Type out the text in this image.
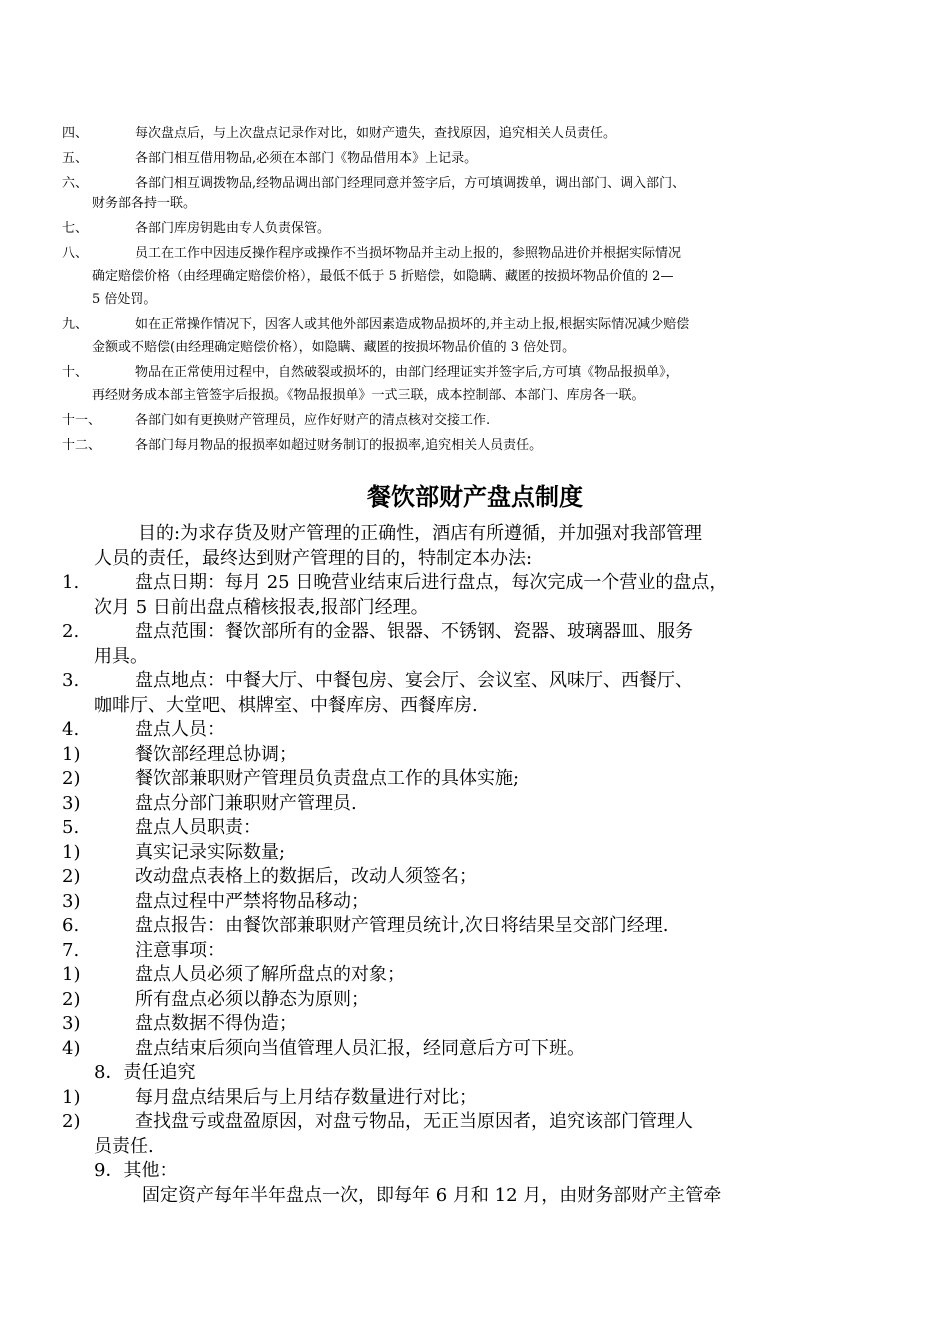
四、	每次盘点后，与上次盘点记录作对比，如财产遗失，查找原因，追究相关人员责任。
五、	各部门相互借用物品,必须在本部门《物品借用本》上记录。
六、	各部门相互调拨物品,经物品调出部门经理同意并签字后，方可填调拨单，调出部门、调入部门、
财务部各持一联。
七、	各部门库房钥匙由专人负责保管。
八、	员工在工作中因违反操作程序或操作不当损坏物品并主动上报的，参照物品进价并根据实际情况
确定赔偿价格（由经理确定赔偿价格），最低不低于 5 折赔偿，如隐瞒、藏匿的按损坏物品价值的 2—
5 倍处罚。
九、	如在正常操作情况下，因客人或其他外部因素造成物品损坏的,并主动上报,根据实际情况减少赔偿
金额或不赔偿(由经理确定赔偿价格），如隐瞒、藏匿的按损坏物品价值的 3 倍处罚。
十、	物品在正常使用过程中，自然破裂或损坏的，由部门经理证实并签字后,方可填《物品报损单》，
再经财务成本部主管签字后报损。《物品报损单》一式三联，成本控制部、本部门、库房各一联。
十一、	各部门如有更换财产管理员，应作好财产的清点核对交接工作.
十二、	各部门每月物品的报损率如超过财务制订的报损率,追究相关人员责任。
餐饮部财产盘点制度
目的:为求存货及财产管理的正确性，酒店有所遵循，并加强对我部管理
人员的责任，最终达到财产管理的目的，特制定本办法:
1.	盘点日期：每月 25 日晚营业结束后进行盘点，每次完成一个营业的盘点，
次月 5 日前出盘点稽核报表,报部门经理。
2.	盘点范围：餐饮部所有的金器、银器、不锈钢、瓷器、玻璃器皿、服务
用具。
3.	盘点地点：中餐大厅、中餐包房、宴会厅、会议室、风味厅、西餐厅、
咖啡厅、大堂吧、棋牌室、中餐库房、西餐库房.
4.	盘点人员：
1)	餐饮部经理总协调；
2)	餐饮部兼职财产管理员负责盘点工作的具体实施;
3)	盘点分部门兼职财产管理员.
5.	盘点人员职责：
1)	真实记录实际数量;
2)	改动盘点表格上的数据后，改动人须签名；
3)	盘点过程中严禁将物品移动；
6.	盘点报告：由餐饮部兼职财产管理员统计,次日将结果呈交部门经理.
7.	注意事项：
1)	盘点人员必须了解所盘点的对象；
2)	所有盘点必须以静态为原则；
3)	盘点数据不得伪造；
4)	盘点结束后须向当值管理人员汇报，经同意后方可下班。
8．责任追究
1)	每月盘点结果后与上月结存数量进行对比；
2)	查找盘亏或盘盈原因，对盘亏物品，无正当原因者，追究该部门管理人
员责任.
9．其他：
固定资产每年半年盘点一次，即每年 6 月和 12 月，由财务部财产主管牵
